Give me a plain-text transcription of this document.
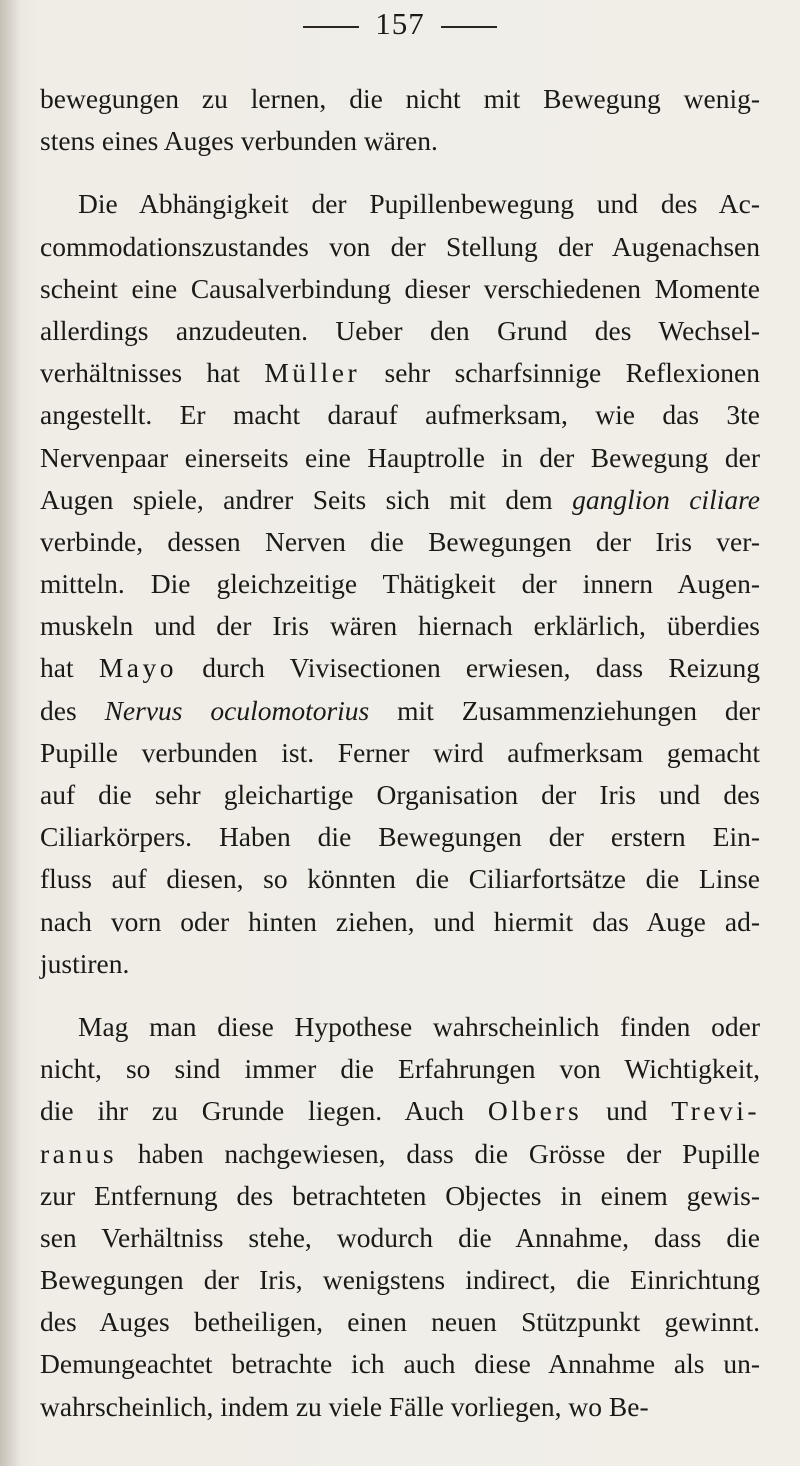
157
bewegungen zu lernen, die nicht mit Bewegung wenig-
stens eines Auges verbunden wären.
Die Abhängigkeit der Pupillenbewegung und des Ac-
commodationszustandes von der Stellung der Augenachsen
scheint eine Causalverbindung dieser verschiedenen Momente
allerdings anzudeuten. Ueber den Grund des Wechsel-
verhältnisses hat Müller sehr scharfsinnige Reflexionen
angestellt. Er macht darauf aufmerksam, wie das 3te
Nervenpaar einerseits eine Hauptrolle in der Bewegung der
Augen spiele, andrer Seits sich mit dem ganglion ciliare
verbinde, dessen Nerven die Bewegungen der Iris ver-
mitteln. Die gleichzeitige Thätigkeit der innern Augen-
muskeln und der Iris wären hiernach erklärlich, überdies
hat Mayo durch Vivisectionen erwiesen, dass Reizung
des Nervus oculomotorius mit Zusammenziehungen der
Pupille verbunden ist. Ferner wird aufmerksam gemacht
auf die sehr gleichartige Organisation der Iris und des
Ciliarkörpers. Haben die Bewegungen der erstern Ein-
fluss auf diesen, so könnten die Ciliarfortsätze die Linse
nach vorn oder hinten ziehen, und hiermit das Auge ad-
justiren.
Mag man diese Hypothese wahrscheinlich finden oder
nicht, so sind immer die Erfahrungen von Wichtigkeit,
die ihr zu Grunde liegen. Auch Olbers und Trevi-
ranus haben nachgewiesen, dass die Grösse der Pupille
zur Entfernung des betrachteten Objectes in einem gewis-
sen Verhältniss stehe, wodurch die Annahme, dass die
Bewegungen der Iris, wenigstens indirect, die Einrichtung
des Auges betheiligen, einen neuen Stützpunkt gewinnt.
Demungeachtet betrachte ich auch diese Annahme als un-
wahrscheinlich, indem zu viele Fälle vorliegen, wo Be-
